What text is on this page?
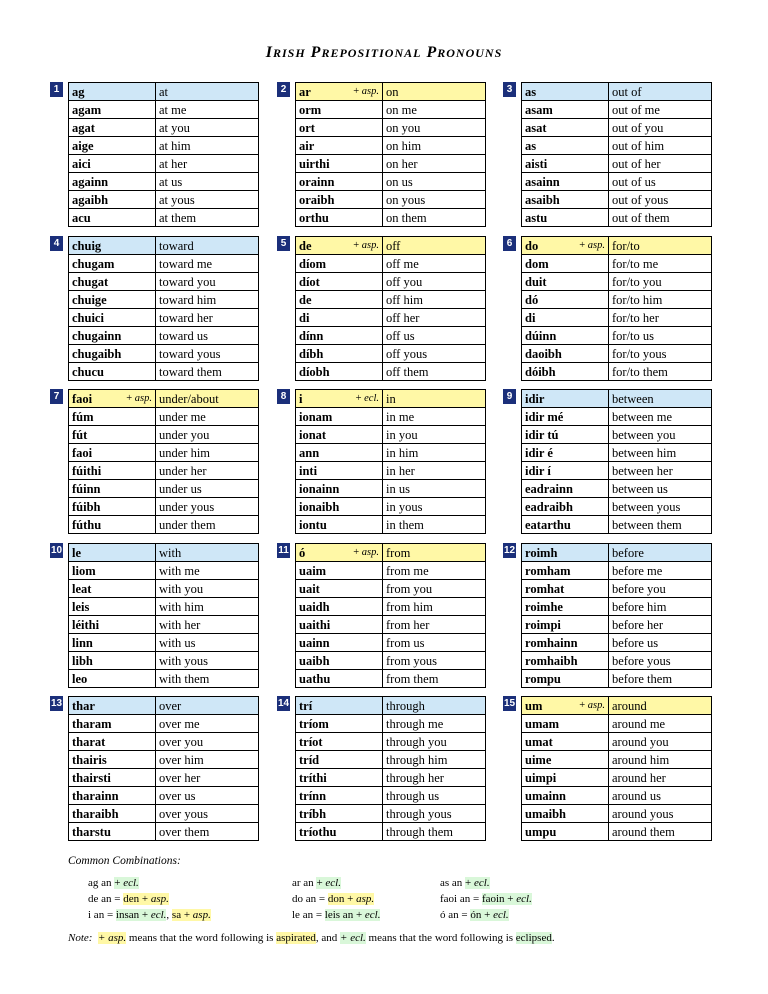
IRISH PREPOSITIONAL PRONOUNS
1 ag	at
agam	at me
agat	at you
aige	at him
aici	at her
againn	at us
agaibh	at yous
acu	at them
2 ar + asp.	on
orm	on me
ort	on you
air	on him
uirthi	on her
orainn	on us
oraibh	on yous
orthu	on them
3 as	out of
asam	out of me
asat	out of you
as	out of him
aisti	out of her
asainn	out of us
asaibh	out of yous
astu	out of them
4 chuig	toward
chugam	toward me
chugat	toward you
chuige	toward him
chuici	toward her
chugainn	toward us
chugaibh	toward yous
chucu	toward them
5 de + asp.	off
díom	off me
díot	off you
de	off him
di	off her
dínn	off us
díbh	off yous
díobh	off them
6 do + asp.	for/to
dom	for/to me
duit	for/to you
dó	for/to him
di	for/to her
dúinn	for/to us
daoibh	for/to yous
dóibh	for/to them
7 faoi + asp.	under/about
fúm	under me
fút	under you
faoi	under him
fúithi	under her
fúinn	under us
fúibh	under yous
fúthu	under them
8 i + ecl.	in
ionam	in me
ionat	in you
ann	in him
inti	in her
ionainn	in us
ionaibh	in yous
iontu	in them
9 idir	between
idir mé	between me
idir tú	between you
idir é	between him
idir í	between her
eadrainn	between us
eadraibh	between yous
eatarthu	between them
10 le	with
liom	with me
leat	with you
leis	with him
léithi	with her
linn	with us
libh	with yous
leo	with them
11 ó + asp.	from
uaim	from me
uait	from you
uaidh	from him
uaithi	from her
uainn	from us
uaibh	from yous
uathu	from them
12 roimh	before
romham	before me
romhat	before you
roimhe	before him
roimpi	before her
romhainn	before us
romhaibh	before yous
rompu	before them
13 thar	over
tharam	over me
tharat	over you
thairis	over him
thairsti	over her
tharainn	over us
tharaibh	over yous
tharstu	over them
14 trí	through
tríom	through me
tríot	through you
tríd	through him
tríthi	through her
trínn	through us
tríbh	through yous
tríothu	through them
15 um + asp.	around
umam	around me
umat	around you
uime	around him
uimpi	around her
umainn	around us
umaibh	around yous
umpu	around them
Common Combinations:
ag an + ecl.
de an = den + asp.
i an = insan + ecl., sa + asp.
ar an + ecl.
do an = don + asp.
le an = leis an + ecl.
as an + ecl.
faoi an = faoin + ecl.
ó an = ón + ecl.
Note: + asp. means that the word following is aspirated, and + ecl. means that the word following is eclipsed.
